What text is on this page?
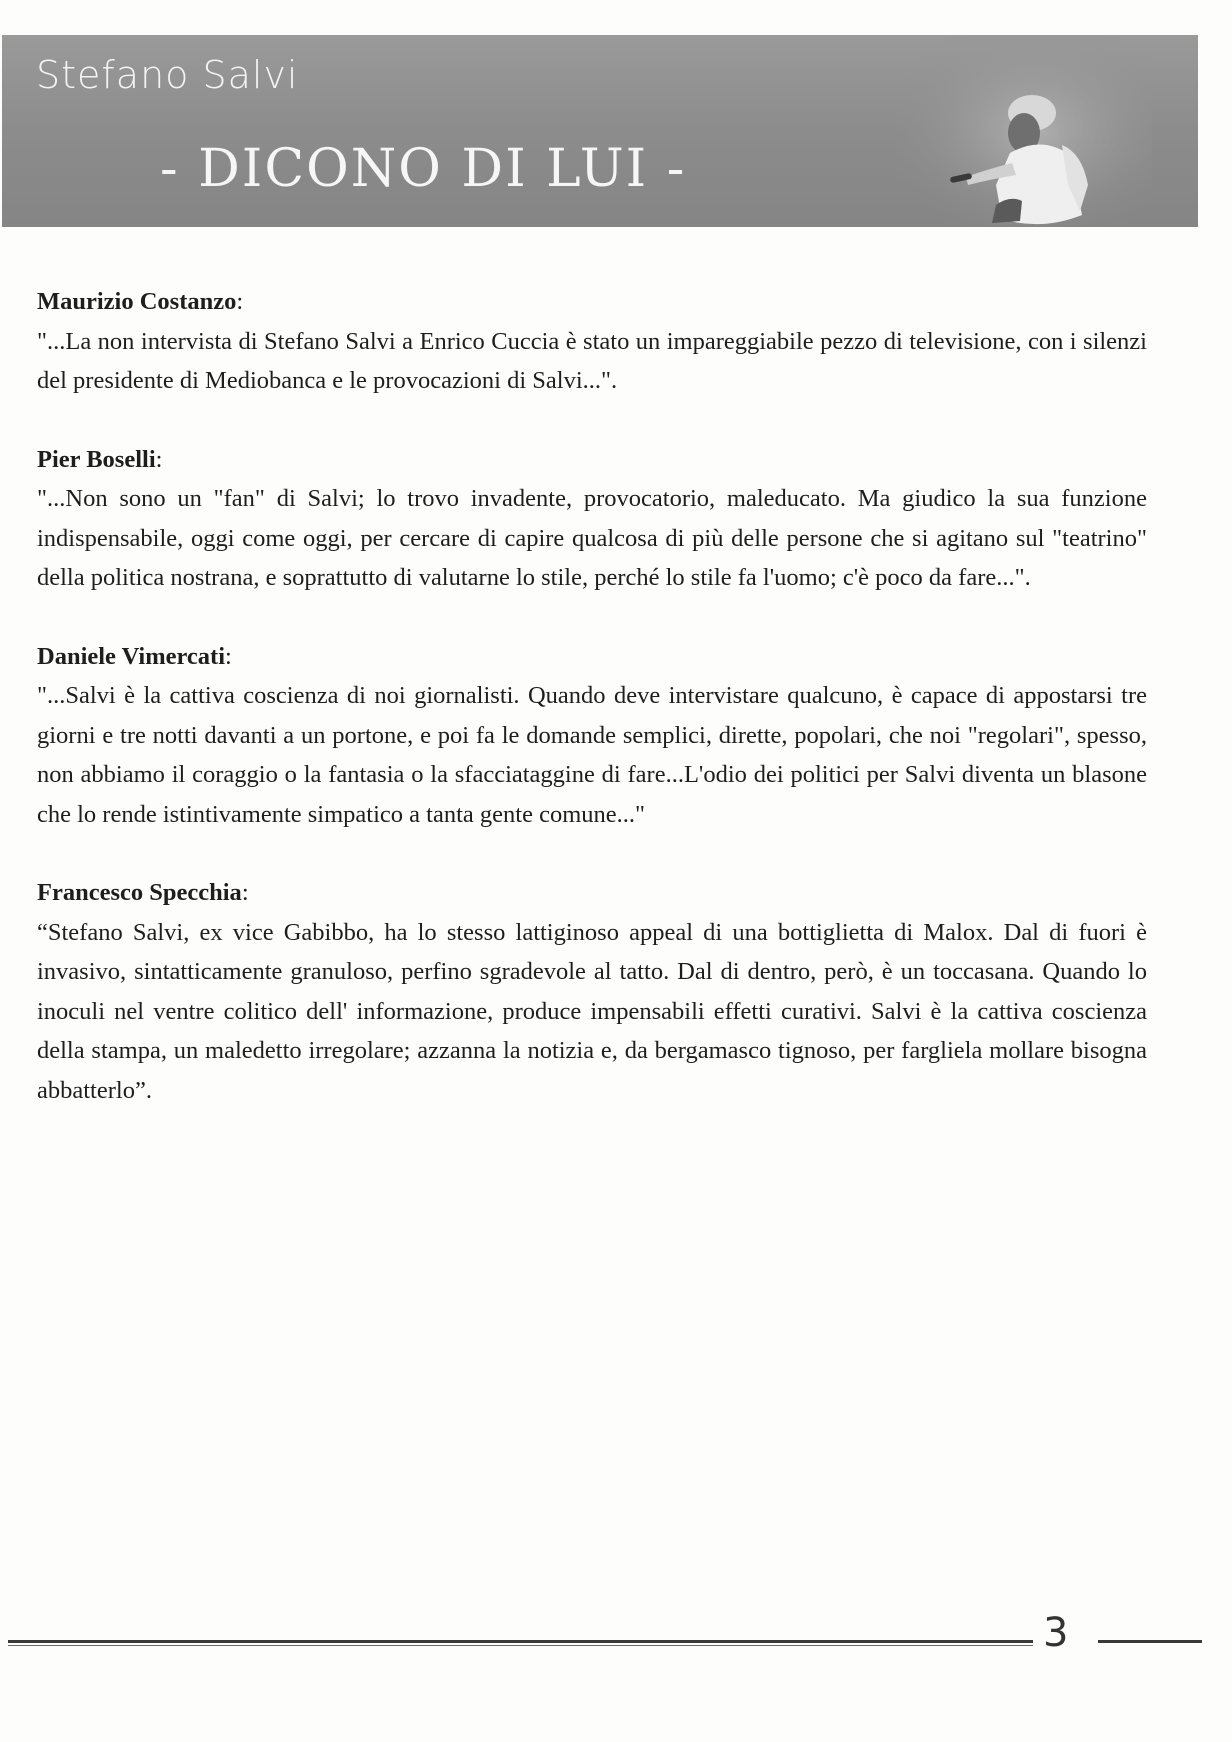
Stefano Salvi
- DICONO DI LUI -
Maurizio Costanzo:
"...La non intervista di Stefano Salvi a Enrico Cuccia è stato un impareggiabile pezzo di televisione, con i silenzi del presidente di Mediobanca e le provocazioni di Salvi...".
Pier Boselli:
"...Non sono un "fan" di Salvi; lo trovo invadente, provocatorio, maleducato. Ma giudico la sua funzione indispensabile, oggi come oggi, per cercare di capire qualcosa di più delle persone che si agitano sul "teatrino" della politica nostrana, e soprattutto di valutarne lo stile, perché lo stile fa l'uomo; c'è poco da fare...".
Daniele Vimercati:
"...Salvi è la cattiva coscienza di noi giornalisti. Quando deve intervistare qualcuno, è capace di appostarsi tre giorni e tre notti davanti a un portone, e poi fa le domande semplici, dirette, popolari, che noi "regolari", spesso, non abbiamo il coraggio o la fantasia o la sfacciataggine di fare...L'odio dei politici per Salvi diventa un blasone che lo rende istintivamente simpatico a tanta gente comune..."
Francesco Specchia:
“Stefano Salvi, ex vice Gabibbo, ha lo stesso lattiginoso appeal di una bottiglietta di Malox. Dal di fuori è invasivo, sintatticamente granuloso, perfino sgradevole al tatto. Dal di dentro, però, è un toccasana. Quando lo inoculi nel ventre colitico dell' informazione, produce impensabili effetti curativi. Salvi è la cattiva coscienza della stampa, un maledetto irregolare; azzanna la notizia e, da bergamasco tignoso, per fargliela mollare bisogna abbatterlo”.
3
